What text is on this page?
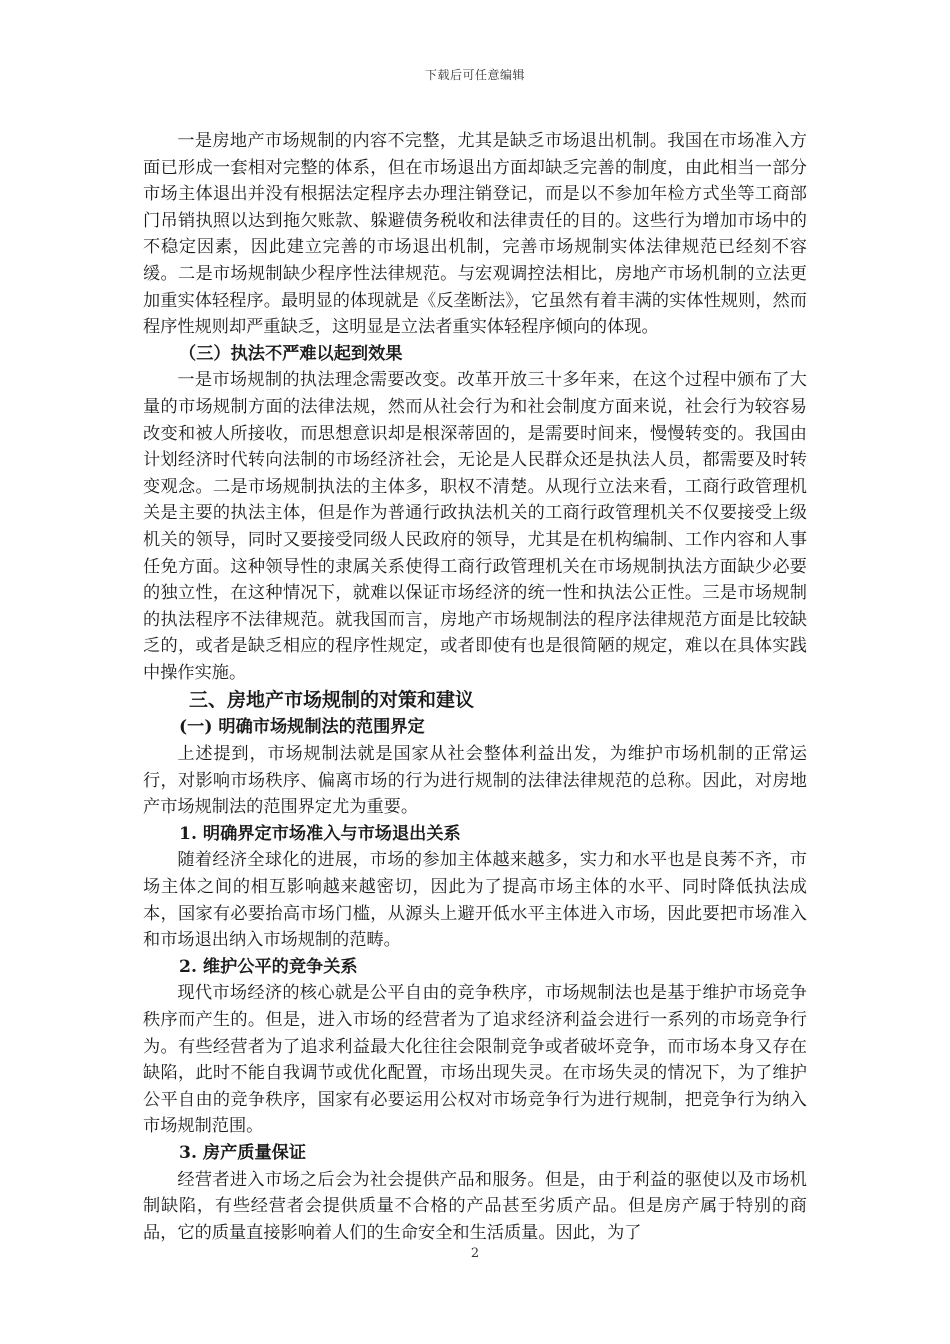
下载后可任意编辑

一是房地产市场规制的内容不完整，尤其是缺乏市场退出机制。我国在市场准入方面已形成一套相对完整的体系，但在市场退出方面却缺乏完善的制度，由此相当一部分市场主体退出并没有根据法定程序去办理注销登记，而是以不参加年检方式坐等工商部门吊销执照以达到拖欠账款、躲避债务税收和法律责任的目的。这些行为增加市场中的不稳定因素，因此建立完善的市场退出机制，完善市场规制实体法律规范已经刻不容缓。二是市场规制缺少程序性法律规范。与宏观调控法相比，房地产市场机制的立法更加重实体轻程序。最明显的体现就是《反垄断法》，它虽然有着丰满的实体性规则，然而程序性规则却严重缺乏，这明显是立法者重实体轻程序倾向的体现。

（三）执法不严难以起到效果

一是市场规制的执法理念需要改变。改革开放三十多年来，在这个过程中颁布了大量的市场规制方面的法律法规，然而从社会行为和社会制度方面来说，社会行为较容易改变和被人所接收，而思想意识却是根深蒂固的，是需要时间来，慢慢转变的。我国由计划经济时代转向法制的市场经济社会，无论是人民群众还是执法人员，都需要及时转变观念。二是市场规制执法的主体多，职权不清楚。从现行立法来看，工商行政管理机关是主要的执法主体，但是作为普通行政执法机关的工商行政管理机关不仅要接受上级机关的领导，同时又要接受同级人民政府的领导，尤其是在机构编制、工作内容和人事任免方面。这种领导性的隶属关系使得工商行政管理机关在市场规制执法方面缺少必要的独立性，在这种情况下，就难以保证市场经济的统一性和执法公正性。三是市场规制的执法程序不法律规范。就我国而言，房地产市场规制法的程序法律规范方面是比较缺乏的，或者是缺乏相应的程序性规定，或者即使有也是很简陋的规定，难以在具体实践中操作实施。

三、房地产市场规制的对策和建议
(一) 明确市场规制法的范围界定

上述提到，市场规制法就是国家从社会整体利益出发，为维护市场机制的正常运行，对影响市场秩序、偏离市场的行为进行规制的法律法律规范的总称。因此，对房地产市场规制法的范围界定尤为重要。

1. 明确界定市场准入与市场退出关系

随着经济全球化的进展，市场的参加主体越来越多，实力和水平也是良莠不齐，市场主体之间的相互影响越来越密切，因此为了提高市场主体的水平、同时降低执法成本，国家有必要抬高市场门槛，从源头上避开低水平主体进入市场，因此要把市场准入和市场退出纳入市场规制的范畴。

2. 维护公平的竞争关系

现代市场经济的核心就是公平自由的竞争秩序，市场规制法也是基于维护市场竞争秩序而产生的。但是，进入市场的经营者为了追求经济利益会进行一系列的市场竞争行为。有些经营者为了追求利益最大化往往会限制竞争或者破坏竞争，而市场本身又存在缺陷，此时不能自我调节或优化配置，市场出现失灵。在市场失灵的情况下，为了维护公平自由的竞争秩序，国家有必要运用公权对市场竞争行为进行规制，把竞争行为纳入市场规制范围。

3. 房产质量保证

经营者进入市场之后会为社会提供产品和服务。但是，由于利益的驱使以及市场机制缺陷，有些经营者会提供质量不合格的产品甚至劣质产品。但是房产属于特别的商品，它的质量直接影响着人们的生命安全和生活质量。因此，为了

2
